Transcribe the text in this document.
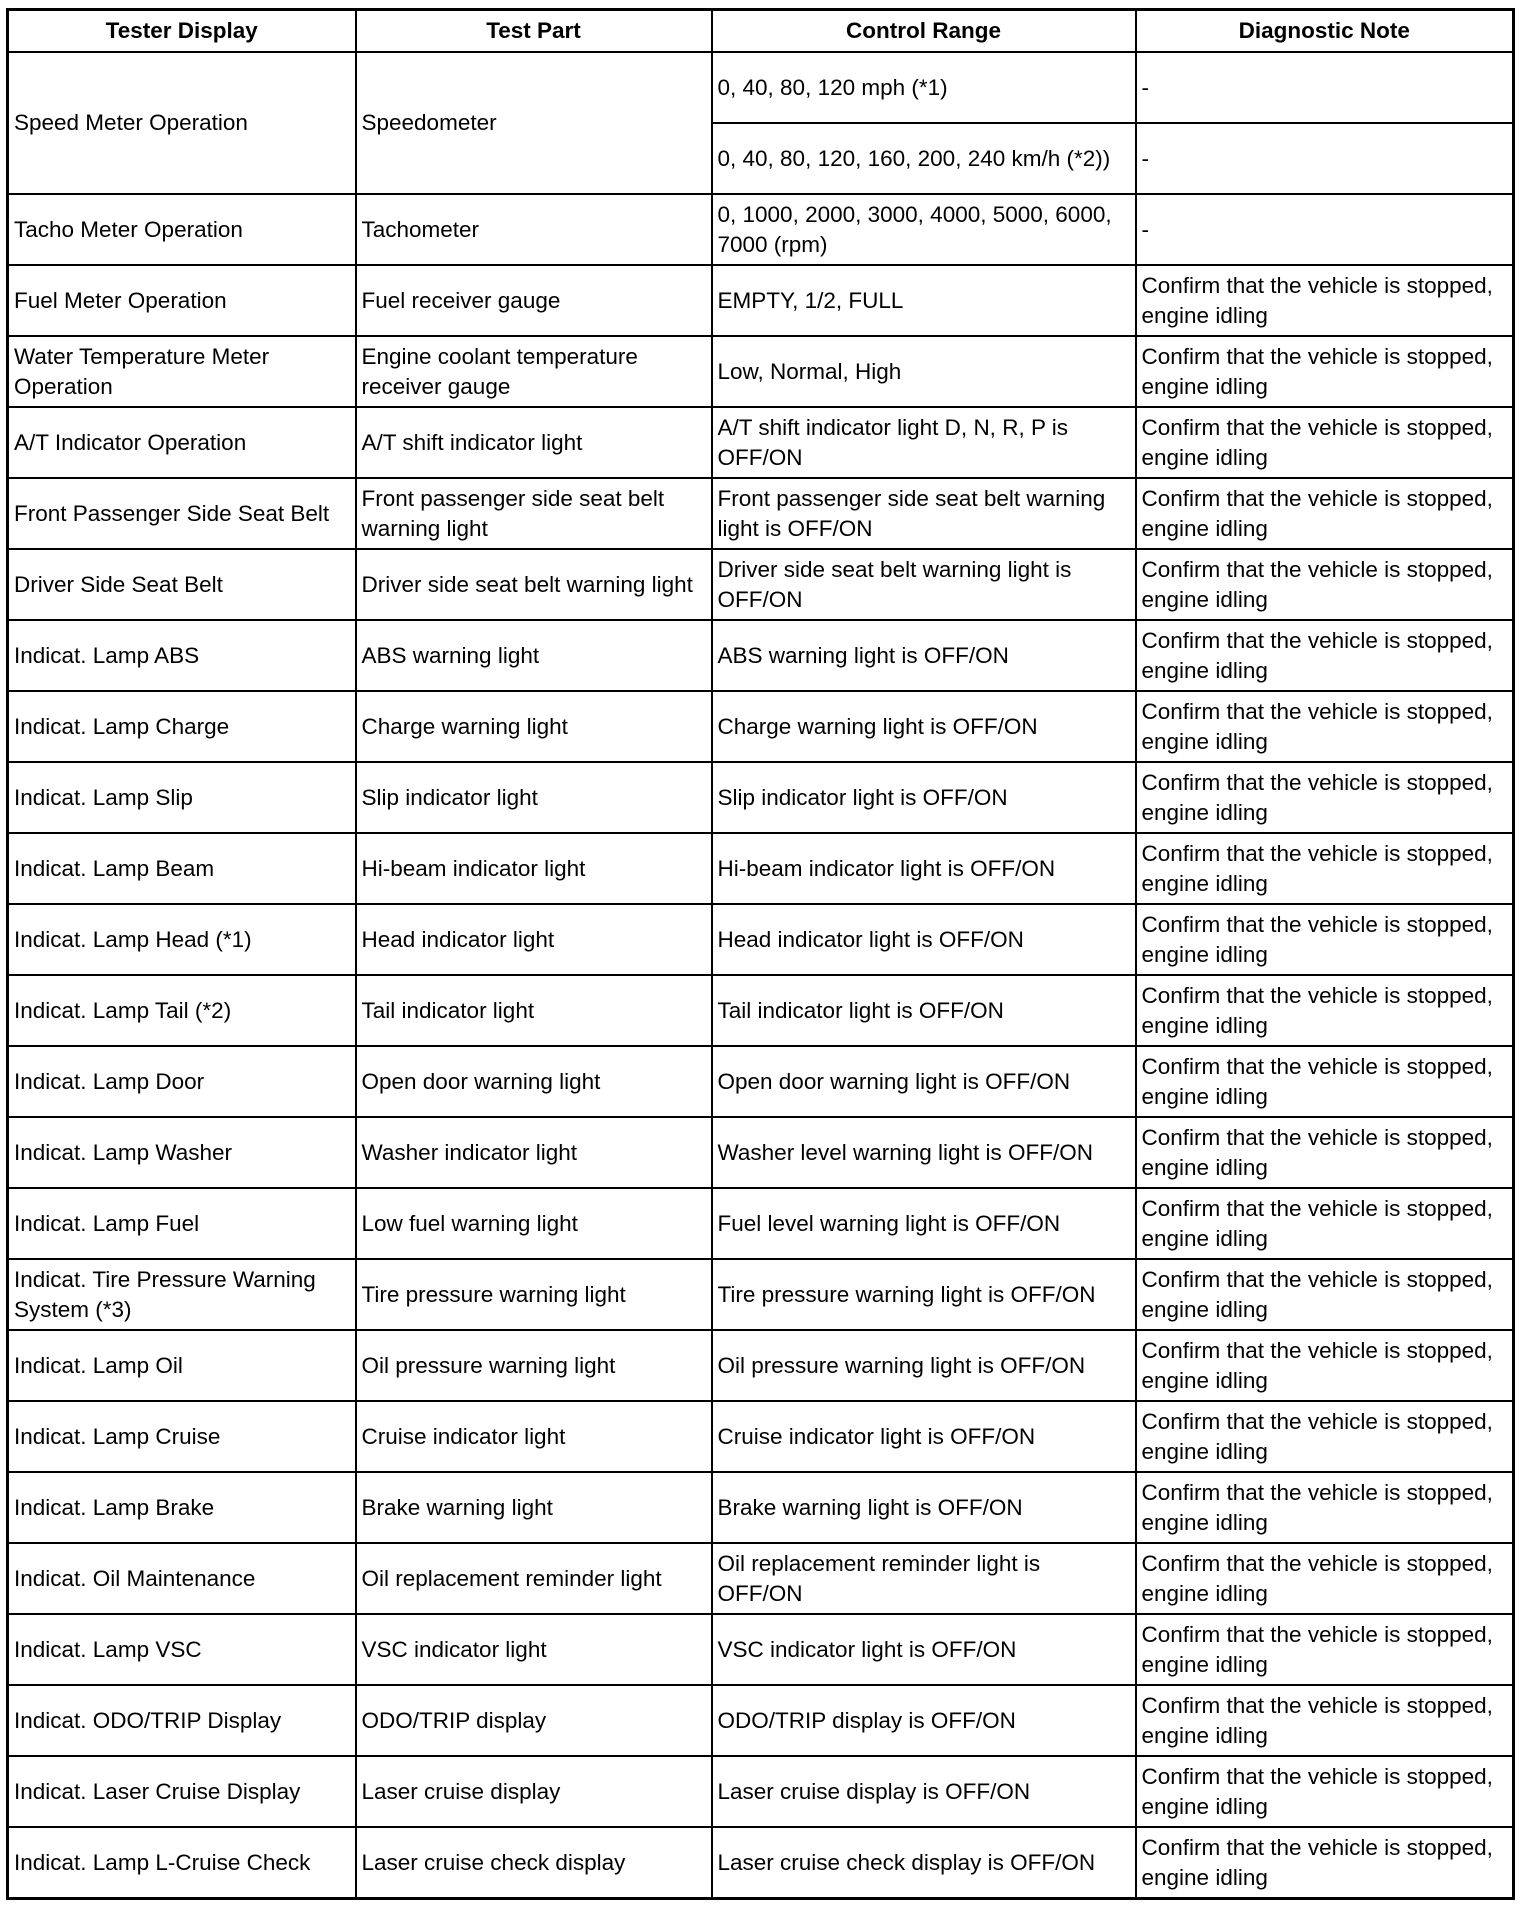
Tester Display	Test Part	Control Range	Diagnostic Note
Speed Meter Operation	Speedometer	0, 40, 80, 120 mph (*1)	-
		0, 40, 80, 120, 160, 200, 240 km/h (*2))	-
Tacho Meter Operation	Tachometer	0, 1000, 2000, 3000, 4000, 5000, 6000, 7000 (rpm)	-
Fuel Meter Operation	Fuel receiver gauge	EMPTY, 1/2, FULL	Confirm that the vehicle is stopped, engine idling
Water Temperature Meter Operation	Engine coolant temperature receiver gauge	Low, Normal, High	Confirm that the vehicle is stopped, engine idling
A/T Indicator Operation	A/T shift indicator light	A/T shift indicator light D, N, R, P is OFF/ON	Confirm that the vehicle is stopped, engine idling
Front Passenger Side Seat Belt	Front passenger side seat belt warning light	Front passenger side seat belt warning light is OFF/ON	Confirm that the vehicle is stopped, engine idling
Driver Side Seat Belt	Driver side seat belt warning light	Driver side seat belt warning light is OFF/ON	Confirm that the vehicle is stopped, engine idling
Indicat. Lamp ABS	ABS warning light	ABS warning light is OFF/ON	Confirm that the vehicle is stopped, engine idling
Indicat. Lamp Charge	Charge warning light	Charge warning light is OFF/ON	Confirm that the vehicle is stopped, engine idling
Indicat. Lamp Slip	Slip indicator light	Slip indicator light is OFF/ON	Confirm that the vehicle is stopped, engine idling
Indicat. Lamp Beam	Hi-beam indicator light	Hi-beam indicator light is OFF/ON	Confirm that the vehicle is stopped, engine idling
Indicat. Lamp Head (*1)	Head indicator light	Head indicator light is OFF/ON	Confirm that the vehicle is stopped, engine idling
Indicat. Lamp Tail (*2)	Tail indicator light	Tail indicator light is OFF/ON	Confirm that the vehicle is stopped, engine idling
Indicat. Lamp Door	Open door warning light	Open door warning light is OFF/ON	Confirm that the vehicle is stopped, engine idling
Indicat. Lamp Washer	Washer indicator light	Washer level warning light is OFF/ON	Confirm that the vehicle is stopped, engine idling
Indicat. Lamp Fuel	Low fuel warning light	Fuel level warning light is OFF/ON	Confirm that the vehicle is stopped, engine idling
Indicat. Tire Pressure Warning System (*3)	Tire pressure warning light	Tire pressure warning light is OFF/ON	Confirm that the vehicle is stopped, engine idling
Indicat. Lamp Oil	Oil pressure warning light	Oil pressure warning light is OFF/ON	Confirm that the vehicle is stopped, engine idling
Indicat. Lamp Cruise	Cruise indicator light	Cruise indicator light is OFF/ON	Confirm that the vehicle is stopped, engine idling
Indicat. Lamp Brake	Brake warning light	Brake warning light is OFF/ON	Confirm that the vehicle is stopped, engine idling
Indicat. Oil Maintenance	Oil replacement reminder light	Oil replacement reminder light is OFF/ON	Confirm that the vehicle is stopped, engine idling
Indicat. Lamp VSC	VSC indicator light	VSC indicator light is OFF/ON	Confirm that the vehicle is stopped, engine idling
Indicat. ODO/TRIP Display	ODO/TRIP display	ODO/TRIP display is OFF/ON	Confirm that the vehicle is stopped, engine idling
Indicat. Laser Cruise Display	Laser cruise display	Laser cruise display is OFF/ON	Confirm that the vehicle is stopped, engine idling
Indicat. Lamp L-Cruise Check	Laser cruise check display	Laser cruise check display is OFF/ON	Confirm that the vehicle is stopped, engine idling
